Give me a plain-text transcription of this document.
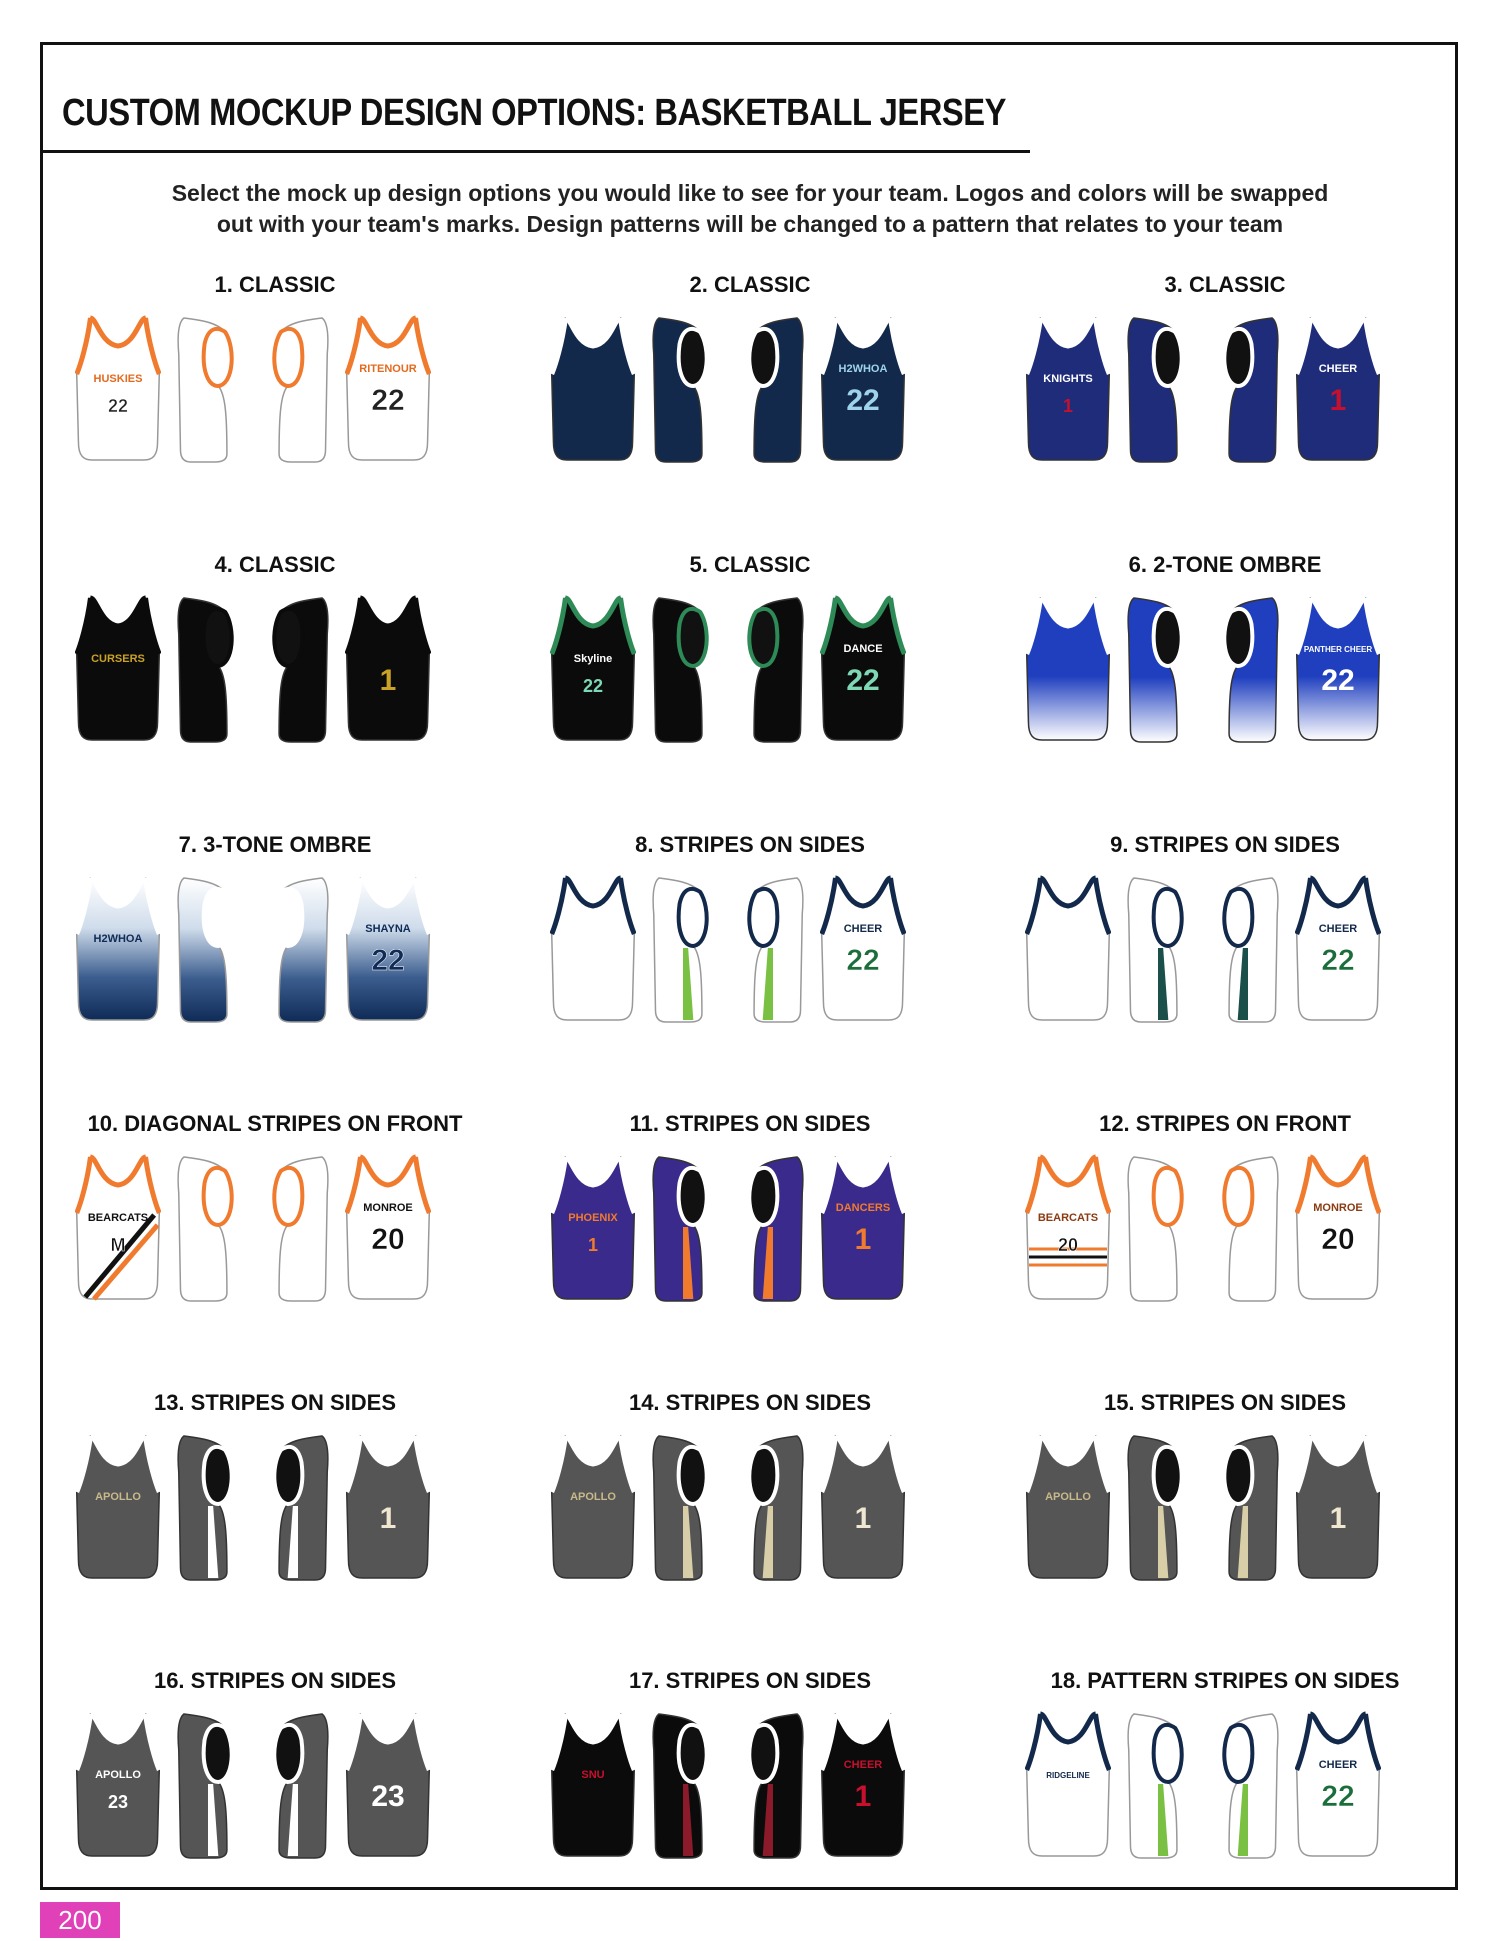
CUSTOM MOCKUP DESIGN OPTIONS: BASKETBALL JERSEY
Select the mock up design options you would like to see for your team. Logos and colors will be swapped
out with your team's marks. Design patterns will be changed to a pattern that relates to your team
1. CLASSIC
HUSKIES
22
RITENOUR
22
2. CLASSIC
H2WHOA
22
3. CLASSIC
KNIGHTS
1
CHEER
1
4. CLASSIC
CURSERS
1
5. CLASSIC
Skyline
22
DANCE
22
6. 2-TONE OMBRE
PANTHER CHEER
22
7. 3-TONE OMBRE
H2WHOA
SHAYNA
22
8. STRIPES ON SIDES
CHEER
22
9. STRIPES ON SIDES
CHEER
22
10. DIAGONAL STRIPES ON FRONT
BEARCATS
M
MONROE
20
11. STRIPES ON SIDES
PHOENIX
1
DANCERS
1
12. STRIPES ON FRONT
BEARCATS
20
MONROE
20
13. STRIPES ON SIDES
APOLLO
1
14. STRIPES ON SIDES
APOLLO
1
15. STRIPES ON SIDES
APOLLO
1
16. STRIPES ON SIDES
APOLLO
23	23
17. STRIPES ON SIDES
SNU
CHEER
1
18. PATTERN STRIPES ON SIDES
RIDGELINE
CHEER
22
200
